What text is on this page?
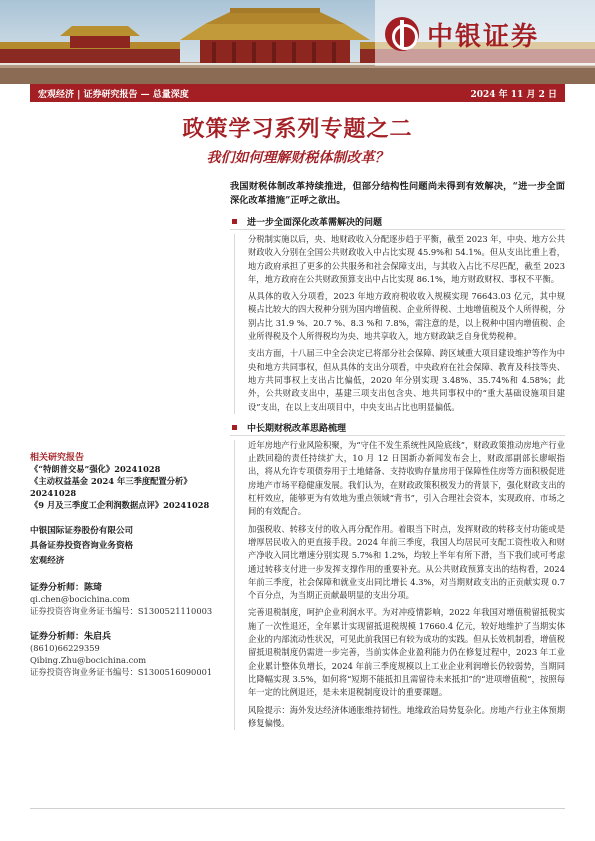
中银证券
宏观经济 | 证券研究报告 — 总量深度	2024 年 11 月 2 日
政策学习系列专题之二
我们如何理解财税体制改革？

我国财税体制改革持续推进，但部分结构性问题尚未得到有效解决，“进一步全面深化改革措施”正呼之欲出。

进一步全面深化改革需解决的问题

分税制实施以后，央、地财政收入分配逐步趋于平衡，截至 2023 年，中央、地方公共财政收入分别在全国公共财政收入中占比实现 45.9%和 54.1%。但从支出比重上看，地方政府承担了更多的公共服务和社会保障支出，与其收入占比不尽匹配，截至 2023 年，地方政府在公共财政预算支出中占比实现 86.1%，地方财政财权、事权不平衡。

从具体的收入分项看，2023 年地方政府税收收入规模实现 76643.03 亿元，其中规模占比较大的四大税种分别为国内增值税、企业所得税、土地增值税及个人所得税，分别占比 31.9 %、20.7 %、8.3 %和 7.8%，需注意的是，以上税种中国内增值税、企业所得税及个人所得税均为央、地共享收入，地方财政缺乏自身优势税种。

支出方面，十八届三中全会决定已将部分社会保障、跨区域重大项目建设维护等作为中央和地方共同事权，但从具体的支出分项看，中央政府在社会保障、教育及科技等央、地方共同事权上支出占比偏低，2020 年分别实现 3.48%、35.74%和 4.58%；此外，公共财政支出中，基建三项支出包含央、地共同事权中的“重大基础设施项目建设”支出，在以上支出项目中，中央支出占比也明显偏低。

中长期财税改革思路梳理

近年房地产行业风险积聚，为“守住不发生系统性风险底线”，财政政策推动房地产行业止跌回稳的责任持续扩大，10 月 12 日国新办新闻发布会上，财政部副部长廖岷指出，将从允许专项债券用于土地储备、支持收购存量房用于保障性住房等方面积极促进房地产市场平稳健康发展。我们认为，在财政政策积极发力的背景下，强化财政支出的杠杆效应，能够更为有效地为重点领域“背书”，引入合理社会资本，实现政府、市场之间的有效配合。

加强税收、转移支付的收入再分配作用。着眼当下时点，发挥财政的转移支付功能或是增厚居民收入的更直接手段。2024 年前三季度，我国人均居民可支配工资性收入和财产净收入同比增速分别实现 5.7%和 1.2%，均较上半年有所下滑，当下我们或可考虑通过转移支付进一步发挥支撑作用的重要补充。从公共财政预算支出的结构看，2024 年前三季度，社会保障和就业支出同比增长 4.3%，对当期财政支出的正贡献实现 0.7 个百分点，为当期正贡献最明显的支出分项。

完善退税制度，呵护企业利润水平。为对冲疫情影响，2022 年我国对增值税留抵税实施了一次性退还，全年累计实现留抵退税规模 17660.4 亿元，较好地维护了当期实体企业的内部流动性状况，可见此前我国已有较为成功的实践。但从长效机制看，增值税留抵退税制度仍需进一步完善，当前实体企业盈利能力仍在修复过程中，2023 年工业企业累计整体负增长，2024 年前三季度规模以上工业企业利润增长仍较弱势，当期同比降幅实现 3.5%，如何将“短期不能抵扣且需留待未来抵扣”的“进项增值税”，按照每年一定的比例退还，是未来退税制度设计的重要课题。

风险提示：海外发达经济体通胀维持韧性。地缘政治局势复杂化。房地产行业主体预期修复偏慢。

相关研究报告
《“特朗普交易”强化》20241028
《主动权益基金 2024 年三季度配置分析》20241028
《9 月及三季度工企利润数据点评》20241028
中银国际证券股份有限公司
具备证券投资咨询业务资格
宏观经济
证券分析师：陈琦
qi.chen@bocichina.com
证券投资咨询业务证书编号：S1300521110003
证券分析师：朱启兵
(8610)66229359
Qibing.Zhu@bocichina.com
证券投资咨询业务证书编号：S1300516090001
